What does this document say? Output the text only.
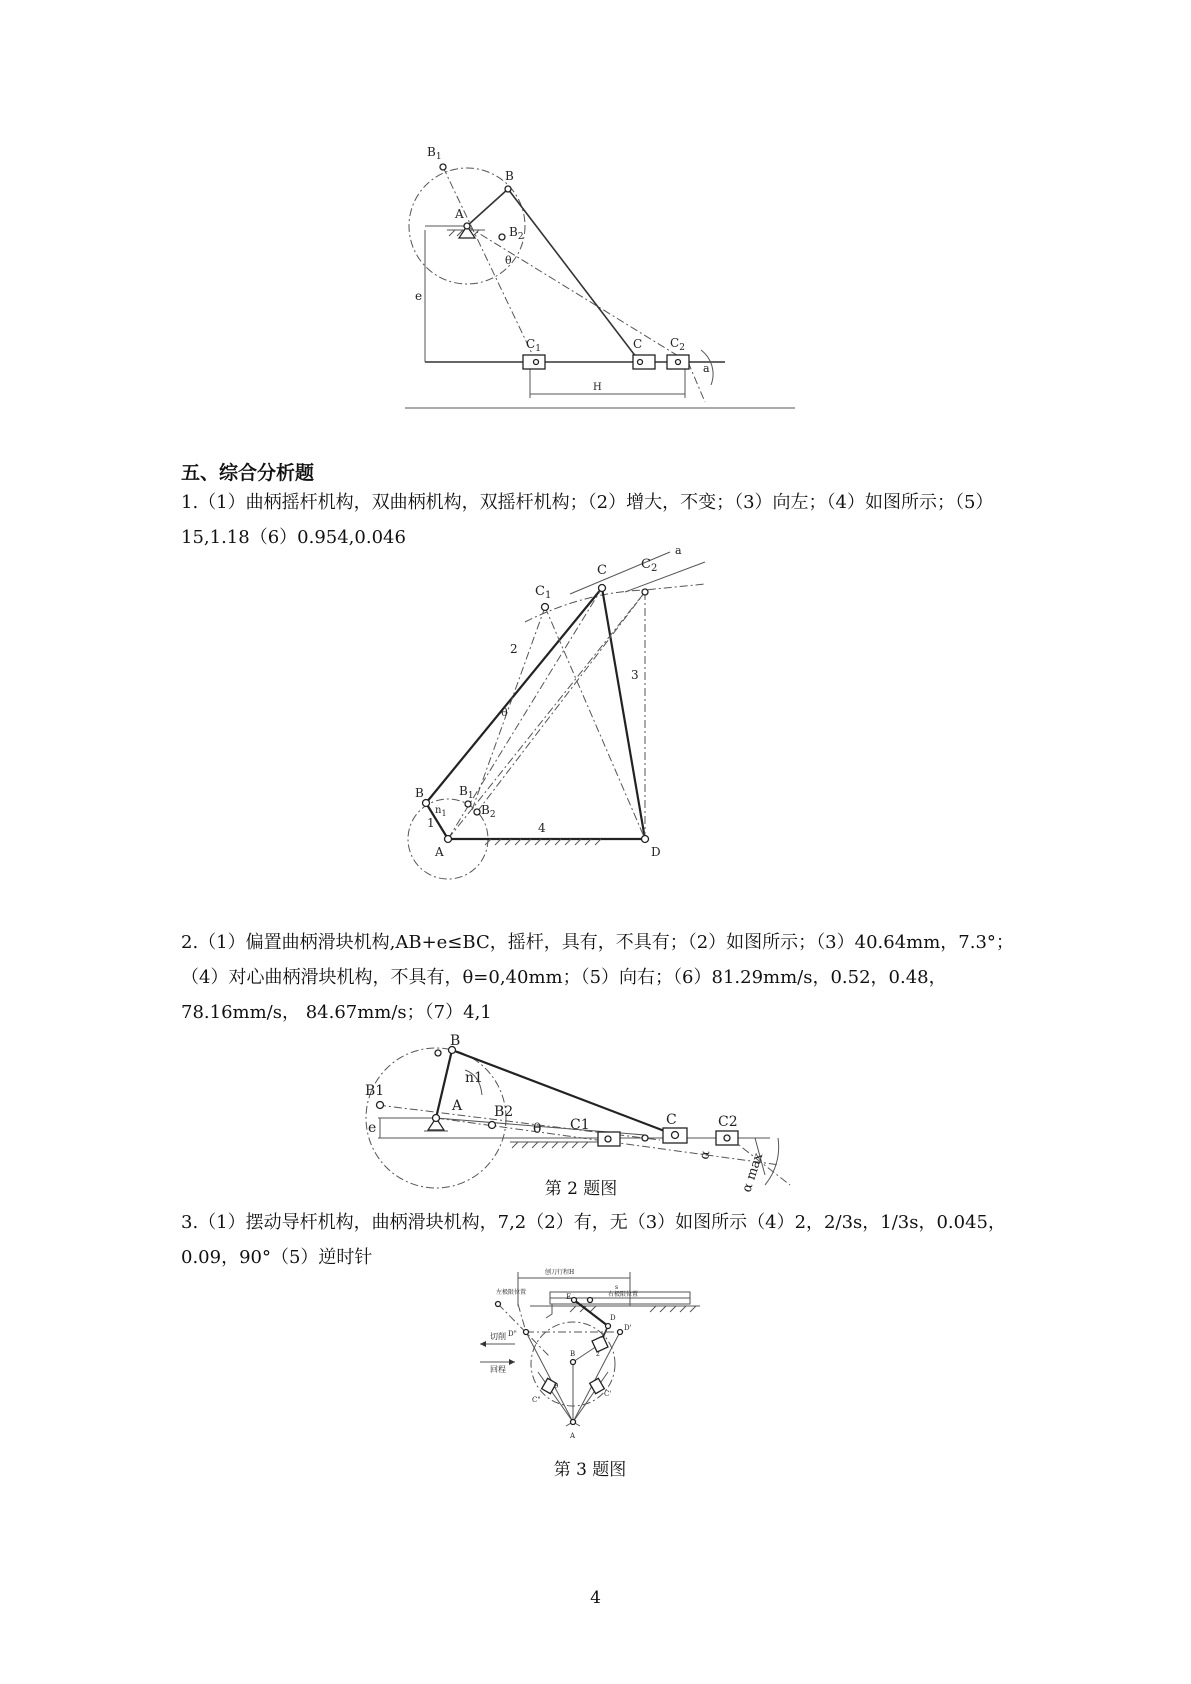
$B_1$
B
A
$B_2$
e
θ
$C_1$	C $C_2$
H
a
五、综合分析题
1.（1）曲柄摇杆机构，双曲柄机构，双摇杆机构；（2）增大，不变；（3）向左；（4）如图所示；（5）15,1.18（6）0.954,0.046
a
C	$C_2$
$C_1$
2
3
θ
B
$n_1$
$B_1$
$B_2$
1	4
A	D
2.（1）偏置曲柄滑块机构,AB+e≤BC，摇杆，具有，不具有；（2）如图所示；（3）40.64mm，7.3°；（4）对心曲柄滑块机构，不具有，θ=0,40mm；（5）向右；（6）81.29mm/s，0.52，0.48，78.16mm/s， 84.67mm/s；（7）4,1
B
n1
B1
A B2
e	θ C1	C	C2
α α max
第 2 题图
3.（1）摆动导杆机构，曲柄滑块机构，7,2（2）有，无（3）如图所示（4）2，2/3s，1/3s，0.045，0.09，90°（5）逆时针
刨刀行程H
s
左极限位置	右极限位置
切削
回程
E
D
D'
D"
B	2
3
θ
C'
C"
A
第 3 题图
4
